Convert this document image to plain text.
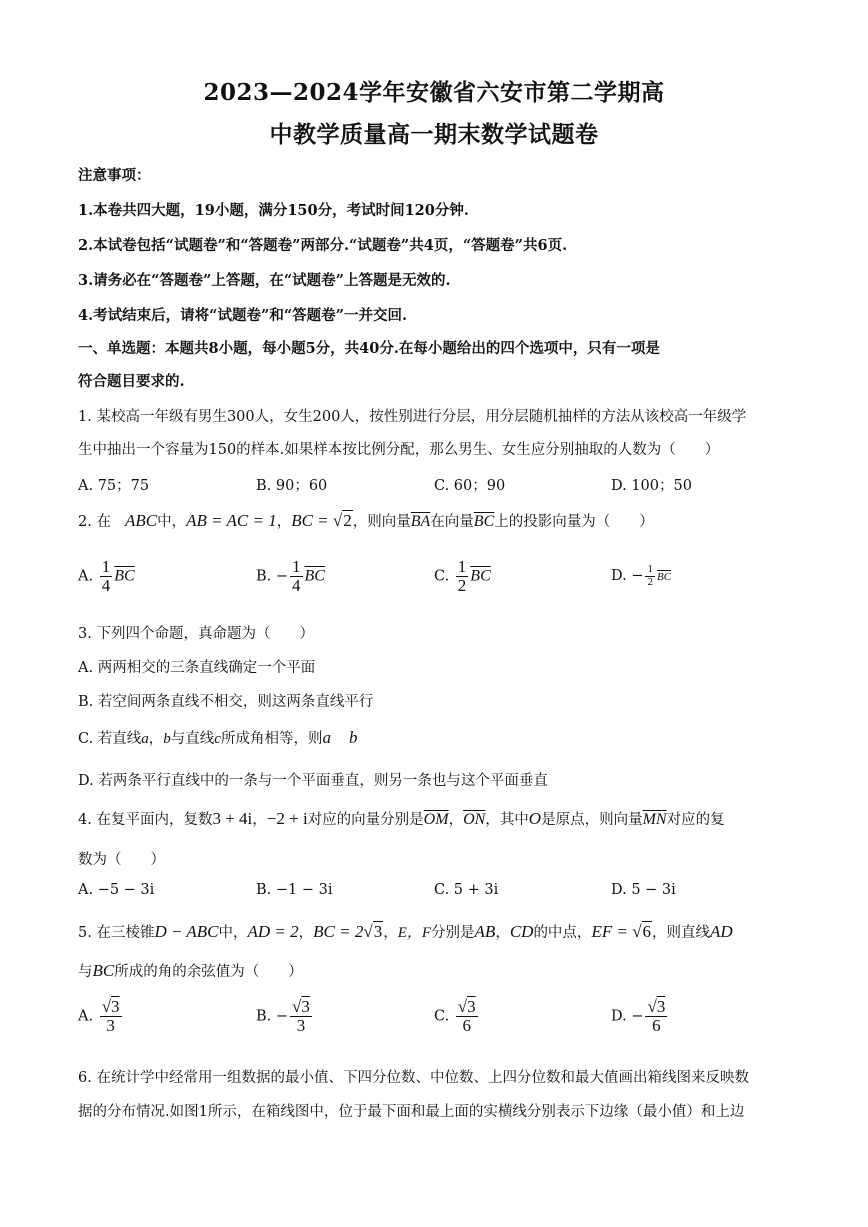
2023—2024学年安徽省六安市第二学期高
中教学质量高一期末数学试题卷
注意事项：
1.本卷共四大题，19小题，满分150分，考试时间120分钟.
2.本试卷包括“试题卷”和“答题卷”两部分.“试题卷”共4页，“答题卷”共6页.
3.请务必在“答题卷”上答题，在“试题卷”上答题是无效的.
4.考试结束后，请将“试题卷”和“答题卷”一并交回.
一、单选题：本题共8小题，每小题5分，共40分.在每小题给出的四个选项中，只有一项是
符合题目要求的.
1. 某校高一年级有男生300人，女生200人，按性别进行分层，用分层随机抽样的方法从该校高一年级学
生中抽出一个容量为150的样本.如果样本按比例分配，那么男生、女生应分别抽取的人数为（　　）
A. 75；75	B. 90；60	C. 60；90	D. 100；50
2. 在 ABC中，AB = AC = 1，BC = √2，则向量$\overline{BA}$在向量$\overline{BC}$上的投影向量为（　　）
A. $\frac{1}{4} \overline{BC}$	B. − $\frac{1}{4} \overline{BC}$	C. $\frac{1}{2} \overline{BC}$	D. − $\frac{1}{2} \overline{BC}$
3. 下列四个命题，真命题为（　　）
A. 两两相交的三条直线确定一个平面
B. 若空间两条直线不相交，则这两条直线平行
C. 若直线a，b与直线c所成角相等，则a b
D. 若两条平行直线中的一条与一个平面垂直，则另一条也与这个平面垂直
4. 在复平面内，复数3 + 4i，−2 + i对应的向量分别是$\overline{OM}$，$\overline{ON}$，其中O是原点，则向量$\overline{MN}$对应的复
数为（　　）
A. −5 − 3i	B. −1 − 3i	C. 5 + 3i	D. 5 − 3i
5. 在三棱锥D − ABC中，AD = 2，BC = 2√3，E，F分别是AB，CD的中点，EF = √6，则直线AD
与BC所成的角的余弦值为（　　）
A. $\frac{√3}{3}$	B. − $\frac{√3}{3}$	C. $\frac{√3}{6}$	D. − $\frac{√3}{6}$
6. 在统计学中经常用一组数据的最小值、下四分位数、中位数、上四分位数和最大值画出箱线图来反映数
据的分布情况.如图1所示，在箱线图中，位于最下面和最上面的实横线分别表示下边缘（最小值）和上边
